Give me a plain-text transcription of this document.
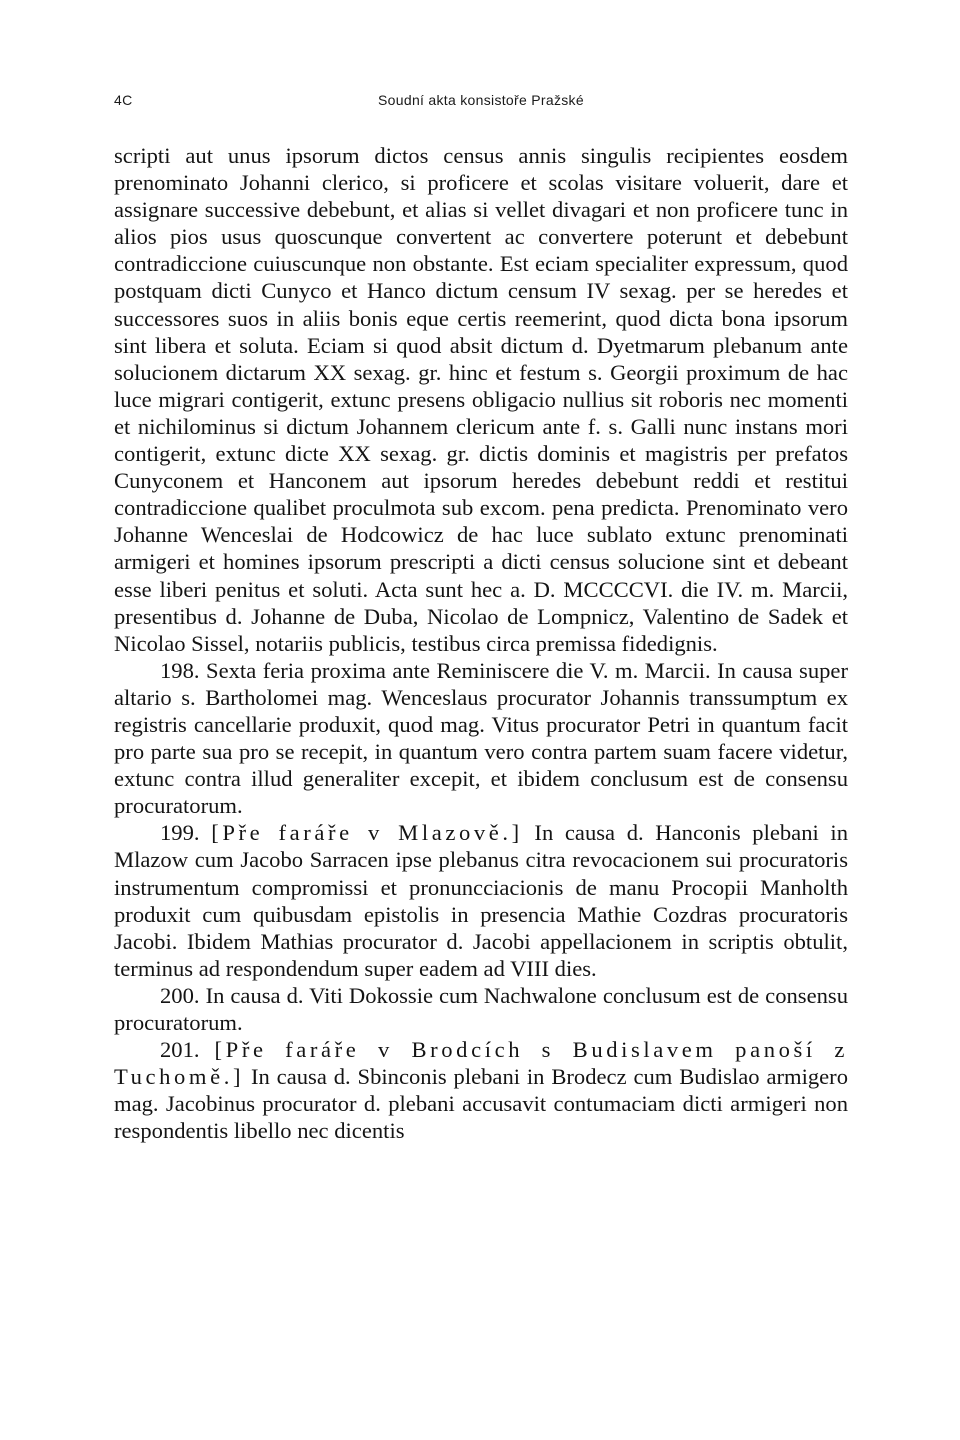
4C	Soudní akta konsistoře Pražské

scripti aut unus ipsorum dictos census annis singulis recipientes eosdem prenominato Johanni clerico, si proficere et scolas visitare voluerit, dare et assignare successive debebunt, et alias si vellet divagari et non proficere tunc in alios pios usus quoscunque convertent ac convertere poterunt et debebunt contradiccione cuiuscunque non obstante. Est eciam specialiter expressum, quod postquam dicti Cunyco et Hanco dictum censum IV sexag. per se heredes et successores suos in aliis bonis eque certis reemerint, quod dicta bona ipsorum sint libera et soluta. Eciam si quod absit dictum d. Dyetmarum plebanum ante solucionem dictarum XX sexag. gr. hinc et festum s. Georgii proximum de hac luce migrari contigerit, extunc presens obligacio nullius sit roboris nec momenti et nichilominus si dictum Johannem clericum ante f. s. Galli nunc instans mori contigerit, extunc dicte XX sexag. gr. dictis dominis et magistris per prefatos Cunyconem et Hanconem aut ipsorum heredes debebunt reddi et restitui contradiccione qualibet proculmota sub excom. pena predicta. Prenominato vero Johanne Wenceslai de Hodcowicz de hac luce sublato extunc prenominati armigeri et homines ipsorum prescripti a dicti census solucione sint et debeant esse liberi penitus et soluti. Acta sunt hec a. D. MCCCCVI. die IV. m. Marcii, presentibus d. Johanne de Duba, Nicolao de Lompnicz, Valentino de Sadek et Nicolao Sissel, notariis publicis, testibus circa premissa fidedignis.

198. Sexta feria proxima ante Reminiscere die V. m. Marcii. In causa super altario s. Bartholomei mag. Wenceslaus procurator Johannis transsumptum ex registris cancellarie produxit, quod mag. Vitus procurator Petri in quantum facit pro parte sua pro se recepit, in quantum vero contra partem suam facere videtur, extunc contra illud generaliter excepit, et ibidem conclusum est de consensu procuratorum.

199. [Pře faráře v Mlazově.] In causa d. Hanconis plebani in Mlazow cum Jacobo Sarracen ipse plebanus citra revocacionem sui procuratoris instrumentum compromissi et pronuncciacionis de manu Procopii Manholth produxit cum quibusdam epistolis in presencia Mathie Cozdras procuratoris Jacobi. Ibidem Mathias procurator d. Jacobi appellacionem in scriptis obtulit, terminus ad respondendum super eadem ad VIII dies.

200. In causa d. Viti Dokossie cum Nachwalone conclusum est de consensu procuratorum.

201. [Pře faráře v Brodcích s Budislavem panoší z Tuchomě.] In causa d. Sbinconis plebani in Brodecz cum Budislao armigero mag. Jacobinus procurator d. plebani accusavit contumaciam dicti armigeri non respondentis libello nec dicentis
